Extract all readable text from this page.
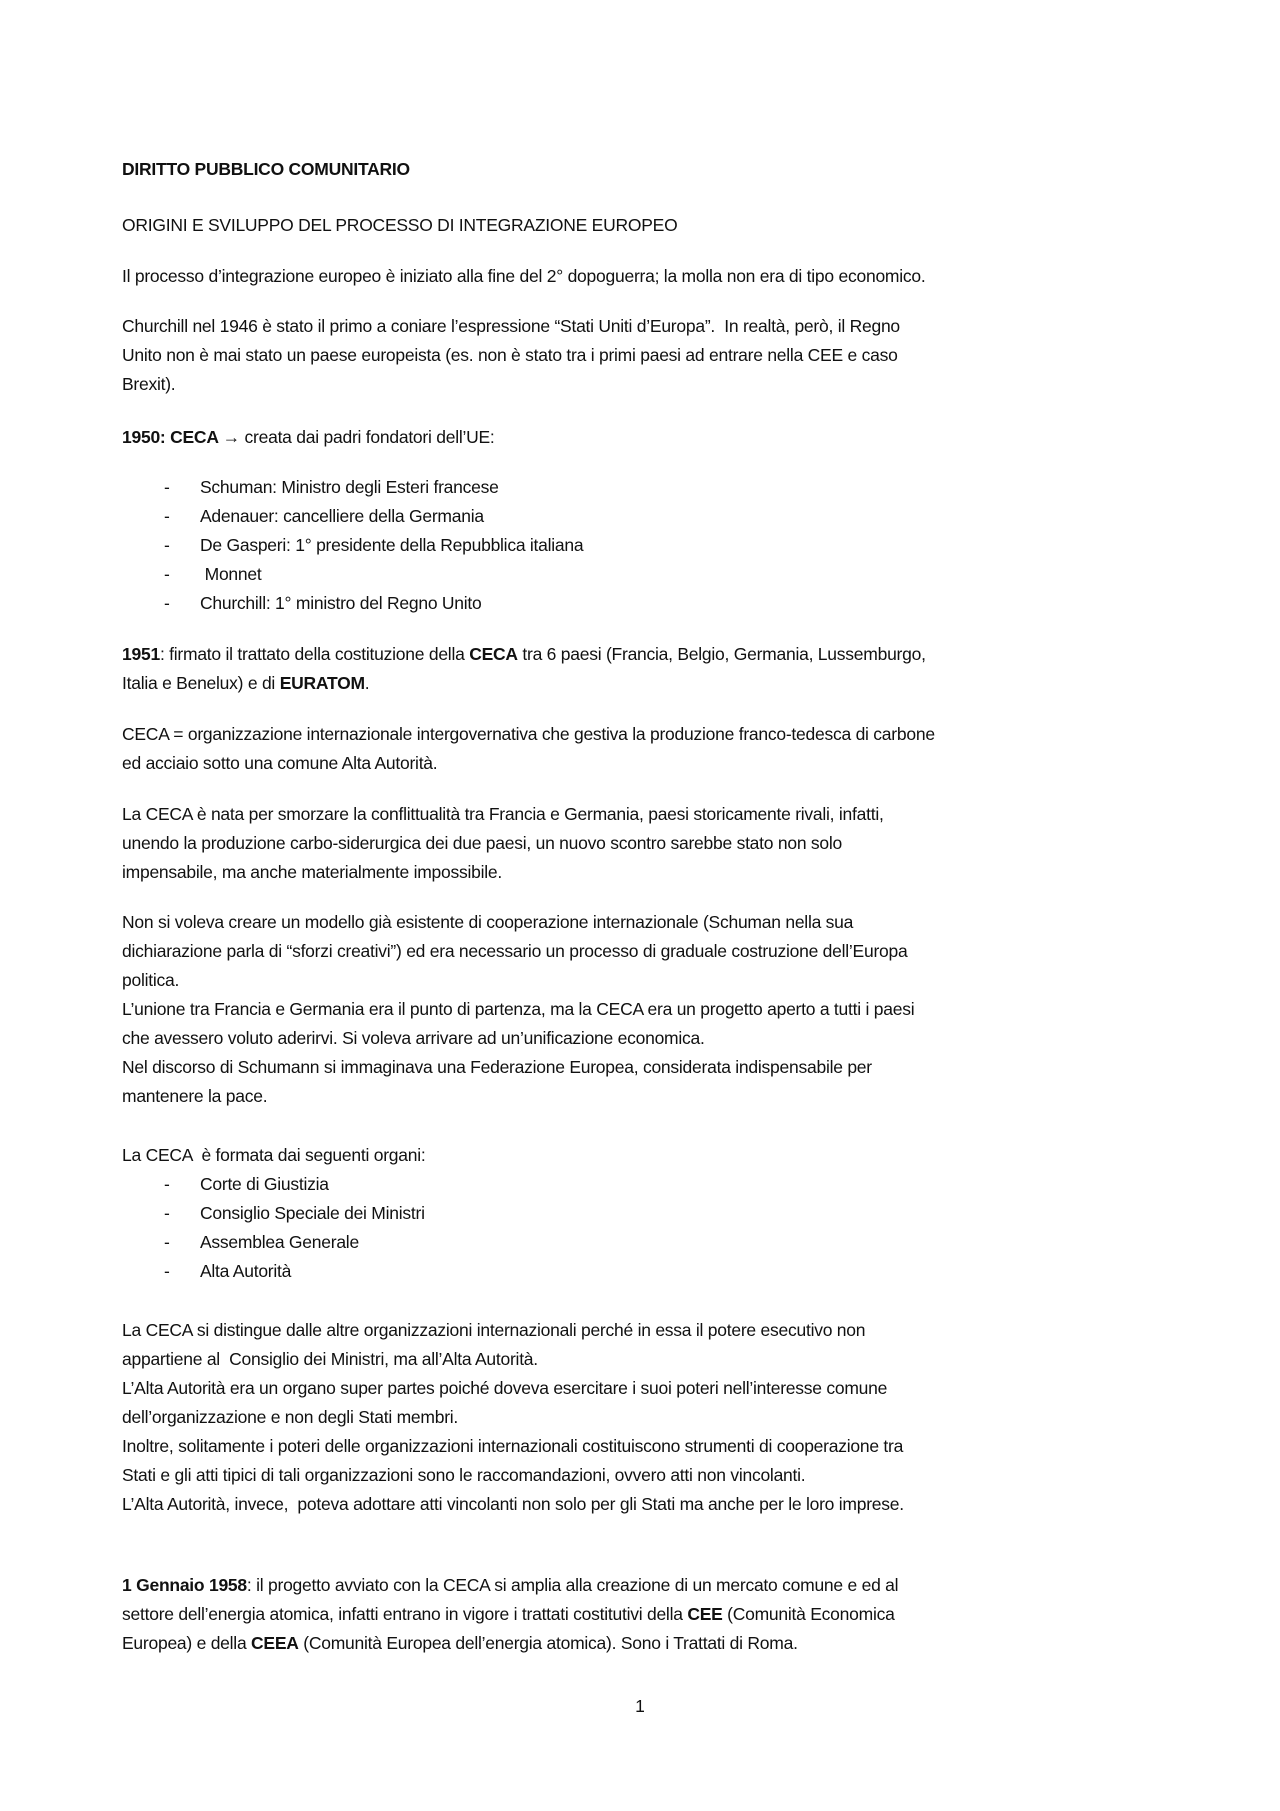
DIRITTO PUBBLICO COMUNITARIO
ORIGINI E SVILUPPO DEL PROCESSO DI INTEGRAZIONE EUROPEO
Il processo d’integrazione europeo è iniziato alla fine del 2° dopoguerra; la molla non era di tipo economico.
Churchill nel 1946 è stato il primo a coniare l’espressione “Stati Uniti d’Europa”.  In realtà, però, il Regno
Unito non è mai stato un paese europeista (es. non è stato tra i primi paesi ad entrare nella CEE e caso
Brexit).
1950: CECA → creata dai padri fondatori dell’UE:
- Schuman: Ministro degli Esteri francese
- Adenauer: cancelliere della Germania
- De Gasperi: 1° presidente della Repubblica italiana
- Monnet
- Churchill: 1° ministro del Regno Unito
1951: firmato il trattato della costituzione della CECA tra 6 paesi (Francia, Belgio, Germania, Lussemburgo,
Italia e Benelux) e di EURATOM.
CECA = organizzazione internazionale intergovernativa che gestiva la produzione franco-tedesca di carbone
ed acciaio sotto una comune Alta Autorità.
La CECA è nata per smorzare la conflittualità tra Francia e Germania, paesi storicamente rivali, infatti,
unendo la produzione carbo-siderurgica dei due paesi, un nuovo scontro sarebbe stato non solo
impensabile, ma anche materialmente impossibile.
Non si voleva creare un modello già esistente di cooperazione internazionale (Schuman nella sua
dichiarazione parla di “sforzi creativi”) ed era necessario un processo di graduale costruzione dell’Europa
politica.
L’unione tra Francia e Germania era il punto di partenza, ma la CECA era un progetto aperto a tutti i paesi
che avessero voluto aderirvi. Si voleva arrivare ad un’unificazione economica.
Nel discorso di Schumann si immaginava una Federazione Europea, considerata indispensabile per
mantenere la pace.
La CECA  è formata dai seguenti organi:
- Corte di Giustizia
- Consiglio Speciale dei Ministri
- Assemblea Generale
- Alta Autorità
La CECA si distingue dalle altre organizzazioni internazionali perché in essa il potere esecutivo non
appartiene al  Consiglio dei Ministri, ma all’Alta Autorità.
L’Alta Autorità era un organo super partes poiché doveva esercitare i suoi poteri nell’interesse comune
dell’organizzazione e non degli Stati membri.
Inoltre, solitamente i poteri delle organizzazioni internazionali costituiscono strumenti di cooperazione tra
Stati e gli atti tipici di tali organizzazioni sono le raccomandazioni, ovvero atti non vincolanti.
L’Alta Autorità, invece,  poteva adottare atti vincolanti non solo per gli Stati ma anche per le loro imprese.
1 Gennaio 1958: il progetto avviato con la CECA si amplia alla creazione di un mercato comune e ed al
settore dell’energia atomica, infatti entrano in vigore i trattati costitutivi della CEE (Comunità Economica
Europea) e della CEEA (Comunità Europea dell’energia atomica). Sono i Trattati di Roma.
1
